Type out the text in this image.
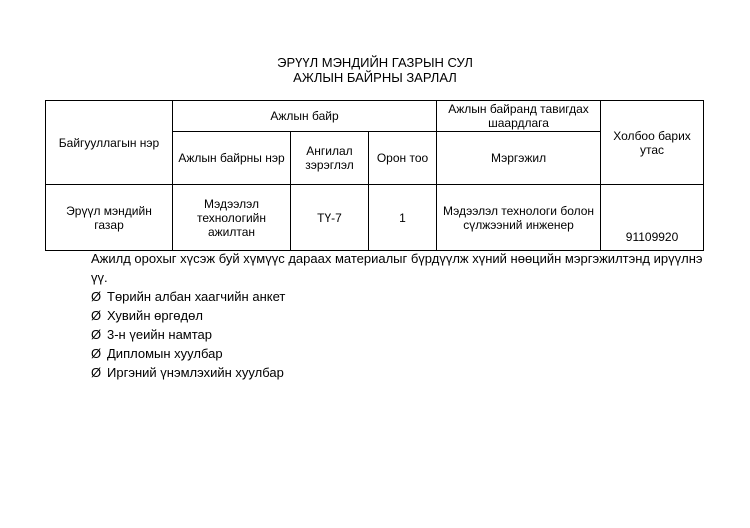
ЭРҮҮЛ МЭНДИЙН ГАЗРЫН СУЛ
АЖЛЫН БАЙРНЫ ЗАРЛАЛ
Байгууллагын нэр	Ажлын байр			Ажлын байранд тавигдах шаардлага	Холбоо барих утас
	Ажлын байрны нэр	Ангилал зэрэглэл	Орон тоо	Мэргэжил	
Эрүүл мэндийн газар	Мэдээлэл технологийн ажилтан	ТҮ-7	1	Мэдээлэл технологи болон сүлжээний инженер	91109920

Ажилд орохыг хүсэж буй хүмүүс дараах материалыг бүрдүүлж хүний нөөцийн мэргэжилтэнд ирүүлнэ үү.

Ø Төрийн албан хаагчийн анкет

Ø Хувийн өргөдөл

Ø 3-н үеийн намтар

Ø Дипломын хуулбар

Ø Иргэний үнэмлэхийн хуулбар
